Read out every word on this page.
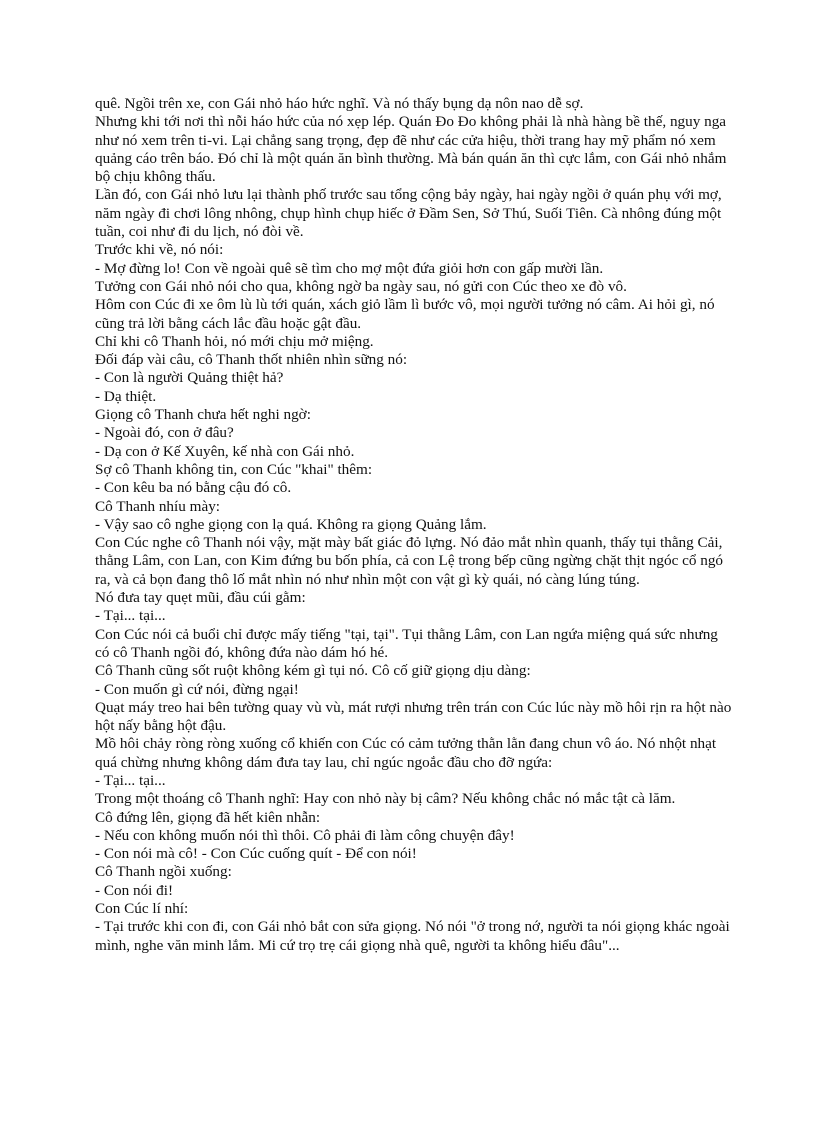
quê. Ngồi trên xe, con Gái nhỏ háo hức nghĩ. Và nó thấy bụng dạ nôn nao dễ sợ.

Nhưng khi tới nơi thì nỗi háo hức của nó xẹp lép. Quán Đo Đo không phải là nhà hàng bề thế, nguy nga như nó xem trên ti-vi. Lại chẳng sang trọng, đẹp đẽ như các cửa hiệu, thời trang hay mỹ phẩm nó xem quảng cáo trên báo. Đó chỉ là một quán ăn bình thường. Mà bán quán ăn thì cực lắm, con Gái nhỏ nhắm bộ chịu không thấu.

Lần đó, con Gái nhỏ lưu lại thành phố trước sau tổng cộng bảy ngày, hai ngày ngồi ở quán phụ với mợ, năm ngày đi chơi lông nhông, chụp hình chụp hiếc ở Đầm Sen, Sở Thú, Suối Tiên. Cà nhông đúng một tuần, coi như đi du lịch, nó đòi về.

Trước khi về, nó nói:

- Mợ đừng lo! Con về ngoài quê sẽ tìm cho mợ một đứa giỏi hơn con gấp mười lần.

Tưởng con Gái nhỏ nói cho qua, không ngờ ba ngày sau, nó gửi con Cúc theo xe đò vô.

Hôm con Cúc đi xe ôm lù lù tới quán, xách giỏ lầm lì bước vô, mọi người tưởng nó câm. Ai hỏi gì, nó cũng trả lời bằng cách lắc đầu hoặc gật đầu.

Chỉ khi cô Thanh hỏi, nó mới chịu mở miệng.

Đối đáp vài câu, cô Thanh thốt nhiên nhìn sững nó:

- Con là người Quảng thiệt hả?

- Dạ thiệt.

Giọng cô Thanh chưa hết nghi ngờ:

- Ngoài đó, con ở đâu?

- Dạ con ở Kế Xuyên, kế nhà con Gái nhỏ.

Sợ cô Thanh không tin, con Cúc "khai" thêm:

- Con kêu ba nó bằng cậu đó cô.

Cô Thanh nhíu mày:

- Vậy sao cô nghe giọng con lạ quá. Không ra giọng Quảng lắm.

Con Cúc nghe cô Thanh nói vậy, mặt mày bất giác đỏ lựng. Nó đảo mắt nhìn quanh, thấy tụi thằng Cải, thằng Lâm, con Lan, con Kim đứng bu bốn phía, cả con Lệ trong bếp cũng ngừng chặt thịt ngóc cổ ngó ra, và cả bọn đang thô lố mắt nhìn nó như nhìn một con vật gì kỳ quái, nó càng lúng túng.

Nó đưa tay quẹt mũi, đầu cúi gằm:

- Tại... tại...

Con Cúc nói cả buổi chỉ được mấy tiếng "tại, tại". Tụi thằng Lâm, con Lan ngứa miệng quá sức nhưng có cô Thanh ngồi đó, không đứa nào dám hó hé.

Cô Thanh cũng sốt ruột không kém gì tụi nó. Cô cố giữ giọng dịu dàng:

- Con muốn gì cứ nói, đừng ngại!

Quạt máy treo hai bên tường quay vù vù, mát rượi nhưng trên trán con Cúc lúc này mồ hôi rịn ra hột nào hột nấy bằng hột đậu.

Mồ hôi chảy ròng ròng xuống cổ khiến con Cúc có cảm tưởng thằn lằn đang chun vô áo. Nó nhột nhạt quá chừng nhưng không dám đưa tay lau, chỉ ngúc ngoắc đầu cho đỡ ngứa:

- Tại... tại...

Trong một thoáng cô Thanh nghĩ: Hay con nhỏ này bị câm? Nếu không chắc nó mắc tật cà lăm.

Cô đứng lên, giọng đã hết kiên nhẫn:

- Nếu con không muốn nói thì thôi. Cô phải đi làm công chuyện đây!

- Con nói mà cô! - Con Cúc cuống quít - Để con nói!

Cô Thanh ngồi xuống:

- Con nói đi!

Con Cúc lí nhí:

- Tại trước khi con đi, con Gái nhỏ bắt con sửa giọng. Nó nói "ở trong nớ, người ta nói giọng khác ngoài mình, nghe văn minh lắm. Mi cứ trọ trẹ cái giọng nhà quê, người ta không hiểu đâu"...
